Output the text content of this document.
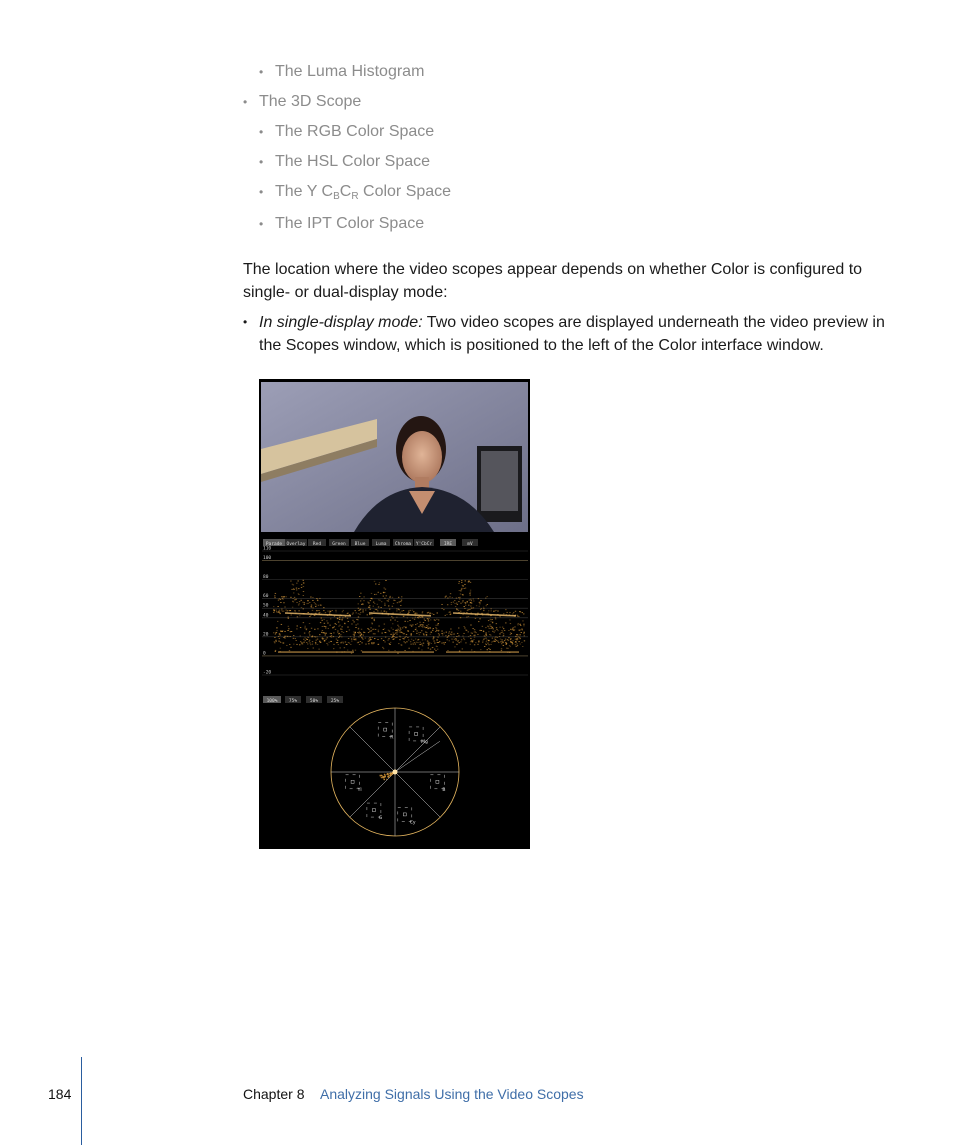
• The Luma Histogram
• The 3D Scope
• The RGB Color Space
• The HSL Color Space
• The Y $C_BC_R$ Color Space
• The IPT Color Space
The location where the video scopes appear depends on whether Color is configured to single- or dual-display mode:
• In single-display mode: Two video scopes are displayed underneath the video preview in the Scopes window, which is positioned to the left of the Color interface window.
Parade Overlay Red Green Blue Luma Chroma Y'CbCr	IRE	mV
110
100
80
60
50
40
20
0
-20
100%	75%	50%	25%
R
Mg
B
Cy
G
Yl
184	Chapter 8 Analyzing Signals Using the Video Scopes
